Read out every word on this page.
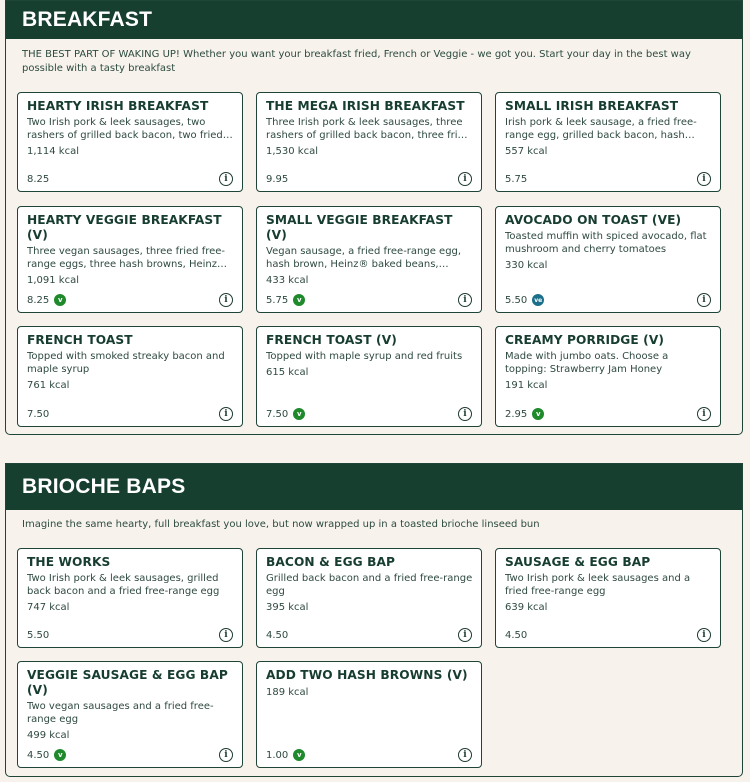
BREAKFAST

THE BEST PART OF WAKING UP! Whether you want your breakfast fried, French or Veggie - we got you. Start your day in the best way possible with a tasty breakfast

HEARTY IRISH BREAKFAST
Two Irish pork & leek sausages, two rashers of grilled back bacon, two fried
1,114 kcal
8.25	i
THE MEGA IRISH BREAKFAST
Three Irish pork & leek sausages, three rashers of grilled back bacon, three fried
1,530 kcal
9.95	i
SMALL IRISH BREAKFAST
Irish pork & leek sausage, a fried free-range egg, grilled back bacon, hash
557 kcal
5.75	i
HEARTY VEGGIE BREAKFAST (V)
Three vegan sausages, three fried free-range eggs, three hash browns, Heinz®
1,091 kcal
8.25	v	i
SMALL VEGGIE BREAKFAST (V)
Vegan sausage, a fried free-range egg, hash brown, Heinz® baked beans,
433 kcal
5.75	v	i
AVOCADO ON TOAST (VE)
Toasted muffin with spiced avocado, flat mushroom and cherry tomatoes
330 kcal
5.50	ve	i
FRENCH TOAST
Topped with smoked streaky bacon and maple syrup
761 kcal
7.50	i
FRENCH TOAST (V)
Topped with maple syrup and red fruits
615 kcal
7.50	v	i
CREAMY PORRIDGE (V)
Made with jumbo oats. Choose a topping: Strawberry Jam Honey
191 kcal
2.95	v	i
BRIOCHE BAPS

Imagine the same hearty, full breakfast you love, but now wrapped up in a toasted brioche linseed bun

THE WORKS
Two Irish pork & leek sausages, grilled back bacon and a fried free-range egg
747 kcal
5.50	i
BACON & EGG BAP
Grilled back bacon and a fried free-range egg
395 kcal
4.50	i
SAUSAGE & EGG BAP
Two Irish pork & leek sausages and a fried free-range egg
639 kcal
4.50	i
VEGGIE SAUSAGE & EGG BAP (V)
Two vegan sausages and a fried free-range egg
499 kcal
4.50	v	i
ADD TWO HASH BROWNS (V)
189 kcal
1.00	v	i
